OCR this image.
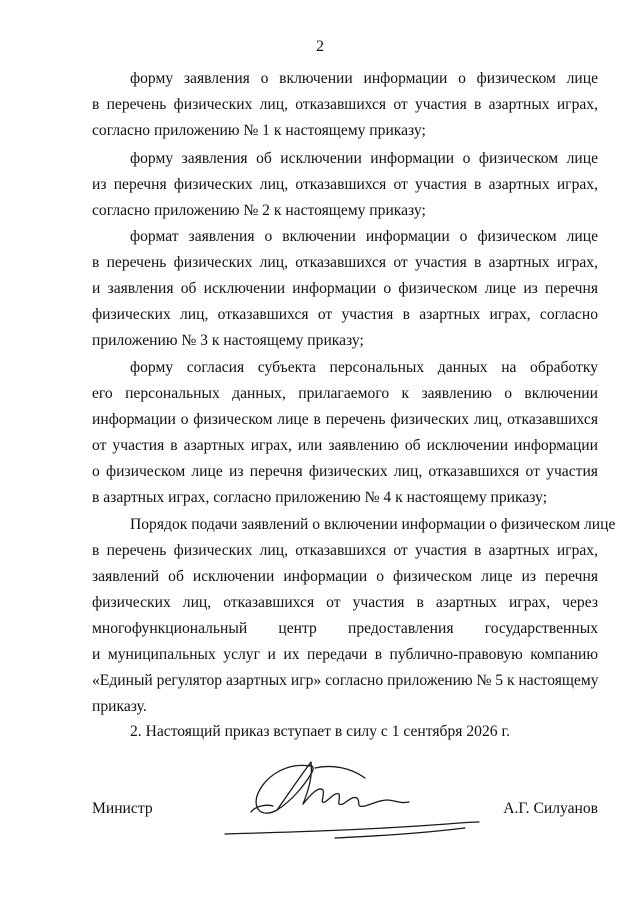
2
форму заявления о включении информации о физическом лице
в перечень физических лиц, отказавшихся от участия в азартных играх,
согласно приложению № 1 к настоящему приказу;
форму заявления об исключении информации о физическом лице
из перечня физических лиц, отказавшихся от участия в азартных играх,
согласно приложению № 2 к настоящему приказу;
формат заявления о включении информации о физическом лице
в перечень физических лиц, отказавшихся от участия в азартных играх,
и заявления об исключении информации о физическом лице из перечня
физических лиц, отказавшихся от участия в азартных играх, согласно
приложению № 3 к настоящему приказу;
форму согласия субъекта персональных данных на обработку
его персональных данных, прилагаемого к заявлению о включении
информации о физическом лице в перечень физических лиц, отказавшихся
от участия в азартных играх, или заявлению об исключении информации
о физическом лице из перечня физических лиц, отказавшихся от участия
в азартных играх, согласно приложению № 4 к настоящему приказу;
Порядок подачи заявлений о включении информации о физическом лице
в перечень физических лиц, отказавшихся от участия в азартных играх,
заявлений об исключении информации о физическом лице из перечня
физических лиц, отказавшихся от участия в азартных играх, через
многофункциональный центр предоставления государственных
и муниципальных услуг и их передачи в публично-правовую компанию
«Единый регулятор азартных игр» согласно приложению № 5 к настоящему
приказу.
2. Настоящий приказ вступает в силу с 1 сентября 2026 г.
Министр	А.Г. Силуанов
